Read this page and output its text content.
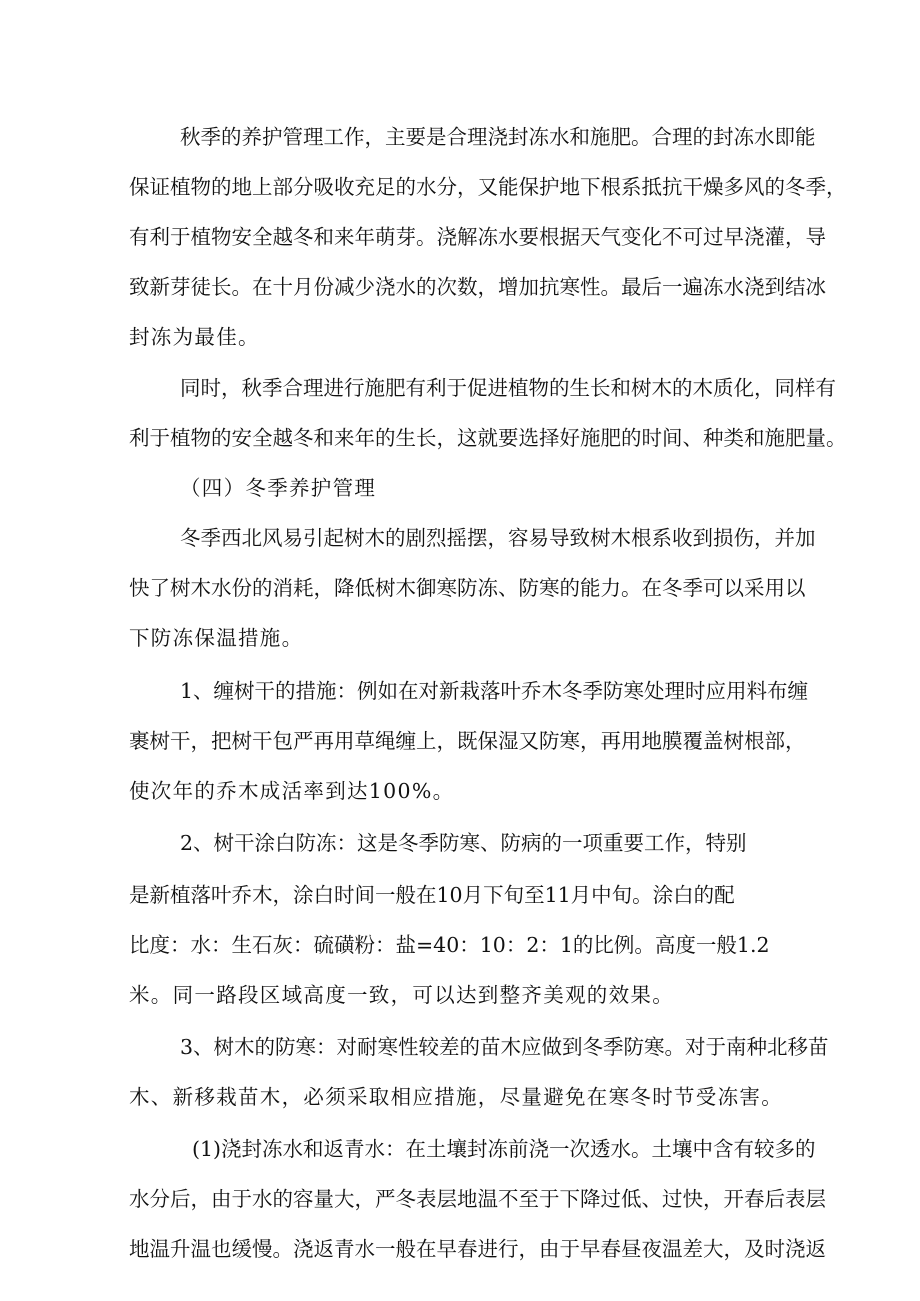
秋季的养护管理工作，主要是合理浇封冻水和施肥。合理的封冻水即能

保证植物的地上部分吸收充足的水分，又能保护地下根系抵抗干燥多风的冬季，

有利于植物安全越冬和来年萌芽。浇解冻水要根据天气变化不可过早浇灌，导

致新芽徒长。在十月份减少浇水的次数，增加抗寒性。最后一遍冻水浇到结冰

封冻为最佳。

同时，秋季合理进行施肥有利于促进植物的生长和树木的木质化，同样有

利于植物的安全越冬和来年的生长，这就要选择好施肥的时间、种类和施肥量。

（四）冬季养护管理

冬季西北风易引起树木的剧烈摇摆，容易导致树木根系收到损伤，并加

快了树木水份的消耗，降低树木御寒防冻、防寒的能力。在冬季可以采用以

下防冻保温措施。

1、缠树干的措施：例如在对新栽落叶乔木冬季防寒处理时应用料布缠

裹树干，把树干包严再用草绳缠上，既保湿又防寒，再用地膜覆盖树根部，

使次年的乔木成活率到达100%。

2、树干涂白防冻：这是冬季防寒、防病的一项重要工作，特别

是新植落叶乔木，涂白时间一般在10月下旬至11月中旬。涂白的配

比度：水：生石灰：硫磺粉：盐=40：10：2：1的比例。高度一般1.2

米。同一路段区域高度一致，可以达到整齐美观的效果。

3、树木的防寒：对耐寒性较差的苗木应做到冬季防寒。对于南种北移苗

木、新移栽苗木，必须采取相应措施，尽量避免在寒冬时节受冻害。

(1)浇封冻水和返青水：在土壤封冻前浇一次透水。土壤中含有较多的

水分后，由于水的容量大，严冬表层地温不至于下降过低、过快，开春后表层

地温升温也缓慢。浇返青水一般在早春进行，由于早春昼夜温差大，及时浇返
